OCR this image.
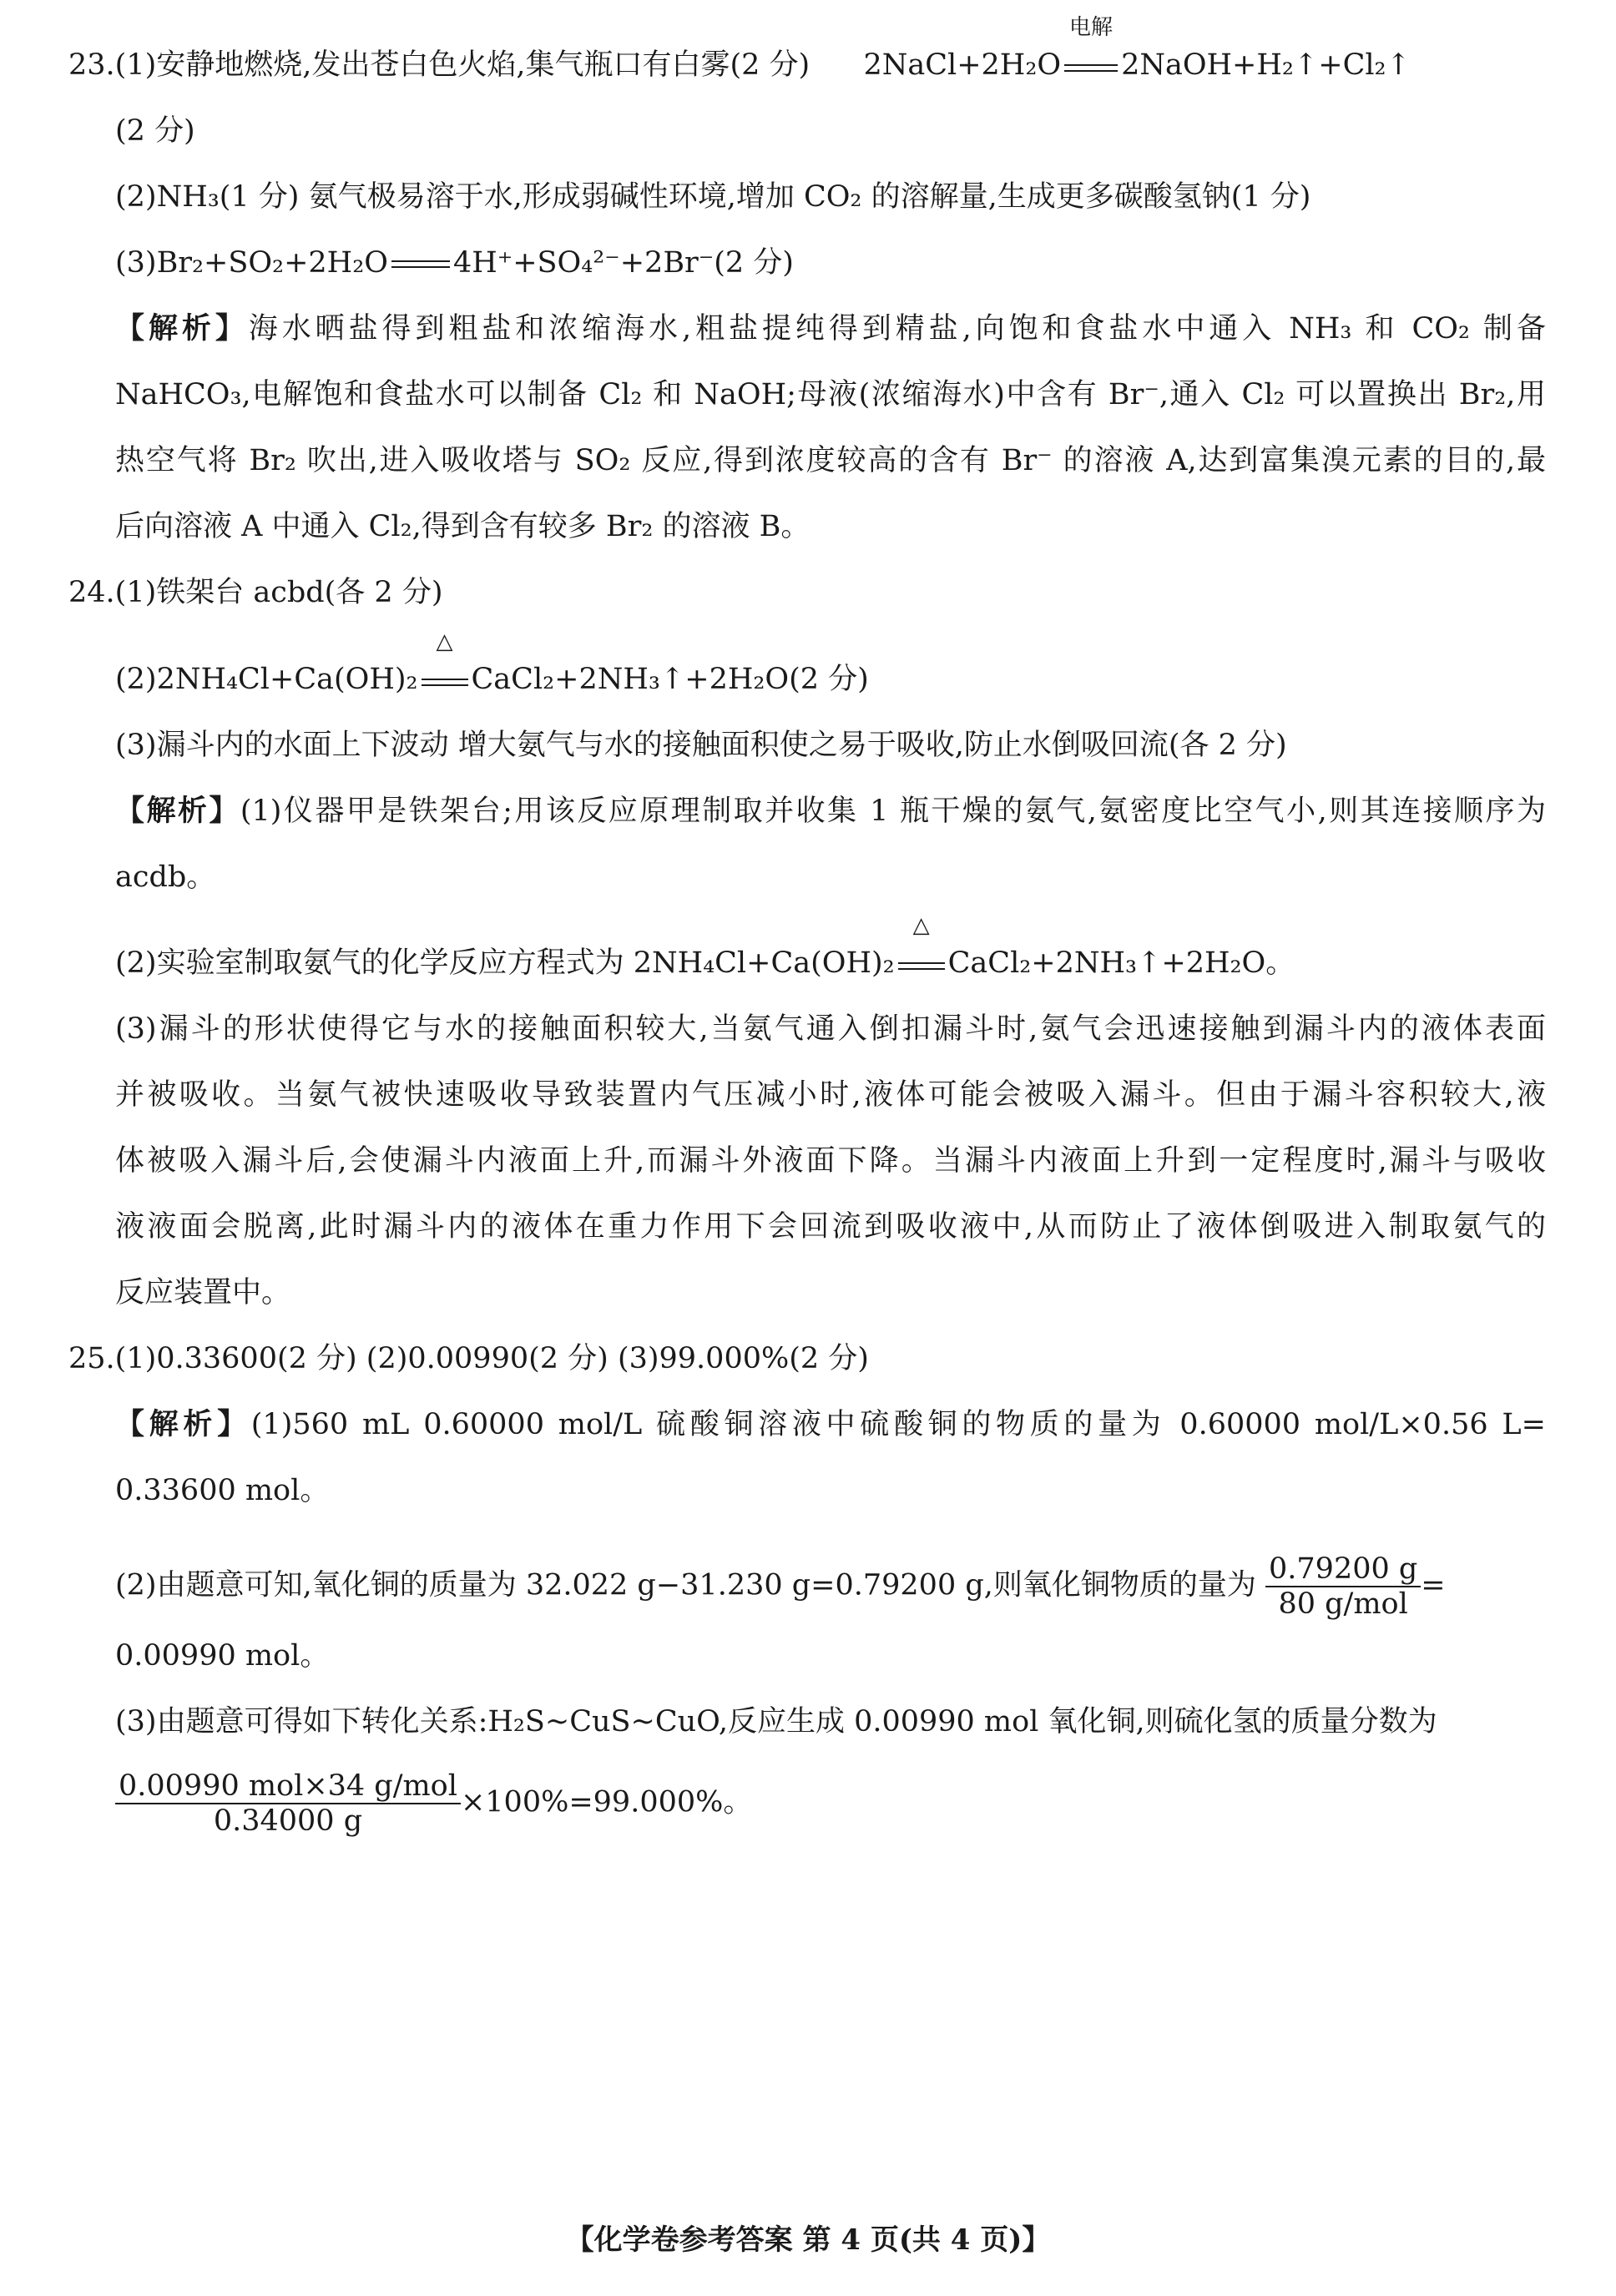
23.(1)安静地燃烧,发出苍白色火焰,集气瓶口有白雾(2 分) 2NaCl+2H₂O
电解
2NaOH+H₂↑+Cl₂↑
(2 分)
(2)NH₃(1 分) 氨气极易溶于水,形成弱碱性环境,增加 CO₂ 的溶解量,生成更多碳酸氢钠(1 分)
(3)Br₂+SO₂+2H₂O 4H⁺+SO₄²⁻+2Br⁻(2 分)
【解析】海水晒盐得到粗盐和浓缩海水,粗盐提纯得到精盐,向饱和食盐水中通入 NH₃ 和 CO₂ 制备
NaHCO₃,电解饱和食盐水可以制备 Cl₂ 和 NaOH;母液(浓缩海水)中含有 Br⁻,通入 Cl₂ 可以置换出 Br₂,用
热空气将 Br₂ 吹出,进入吸收塔与 SO₂ 反应,得到浓度较高的含有 Br⁻ 的溶液 A,达到富集溴元素的目的,最
后向溶液 A 中通入 Cl₂,得到含有较多 Br₂ 的溶液 B。
24.(1)铁架台 acbd(各 2 分)
(2)2NH₄Cl+Ca(OH)₂
△
CaCl₂+2NH₃↑+2H₂O(2 分)
(3)漏斗内的水面上下波动 增大氨气与水的接触面积使之易于吸收,防止水倒吸回流(各 2 分)
【解析】(1)仪器甲是铁架台;用该反应原理制取并收集 1 瓶干燥的氨气,氨密度比空气小,则其连接顺序为
acdb。
(2)实验室制取氨气的化学反应方程式为 2NH₄Cl+Ca(OH)₂
△
CaCl₂+2NH₃↑+2H₂O。
(3)漏斗的形状使得它与水的接触面积较大,当氨气通入倒扣漏斗时,氨气会迅速接触到漏斗内的液体表面
并被吸收。当氨气被快速吸收导致装置内气压减小时,液体可能会被吸入漏斗。但由于漏斗容积较大,液
体被吸入漏斗后,会使漏斗内液面上升,而漏斗外液面下降。当漏斗内液面上升到一定程度时,漏斗与吸收
液液面会脱离,此时漏斗内的液体在重力作用下会回流到吸收液中,从而防止了液体倒吸进入制取氨气的
反应装置中。
25.(1)0.33600(2 分) (2)0.00990(2 分) (3)99.000%(2 分)
【解析】(1)560 mL 0.60000 mol/L 硫酸铜溶液中硫酸铜的物质的量为 0.60000 mol/L×0.56 L=
0.33600 mol。
(2)由题意可知,氧化铜的质量为 32.022 g−31.230 g=0.79200 g,则氧化铜物质的量为 $\frac{0.79200 g}{\text{80 g/mol}}$ =
0.00990 mol。
(3)由题意可得如下转化关系:H₂S~CuS~CuO,反应生成 0.00990 mol 氧化铜,则硫化氢的质量分数为
$\frac{\text{0.00990 mol×34 g/mol}}{0.34000 g} \times 100\%=99.000\%$。
【化学卷参考答案 第 4 页(共 4 页)】
